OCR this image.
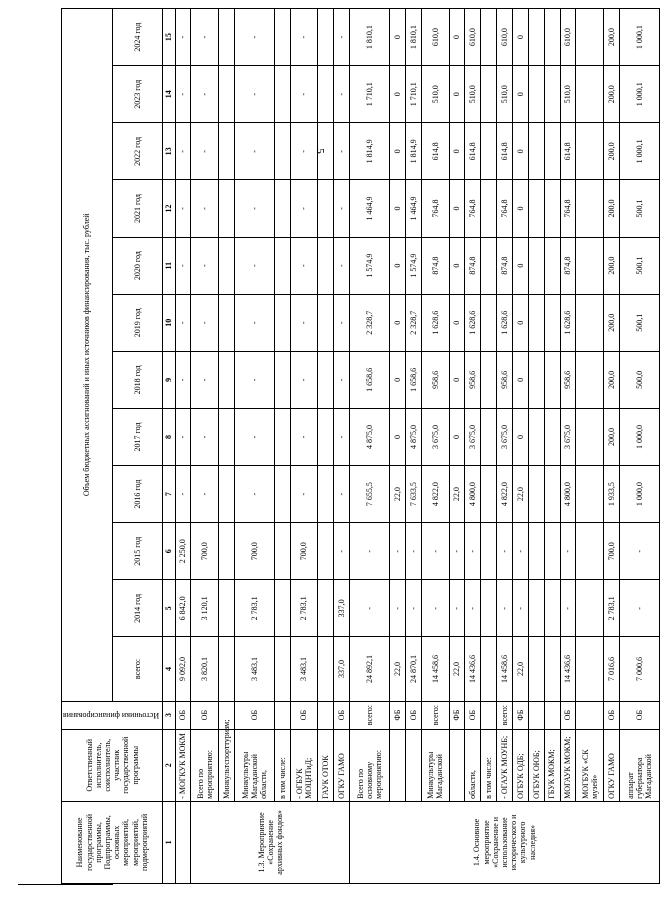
5
Наименование государственной программы, Подпрограммы, основных мероприятий, мероприятий, подмероприятий	Ответственный исполнитель, соисполнитель, участник государственной программы	Источники финансирования	Объем бюджетных ассигнований и иных источников финансирования, тыс. рублей											
			всего:	2014 год	2015 год	2016 год	2017 год	2018 год	2019 год	2020 год	2021 год	2022 год	2023 год	2024 год
1	2	3	4	5	6	7	8	9	10	11	12	13	14	15
	- МОГКУК МОКМ	ОБ	9 092,0	6 842,0	2 250,0	-	-	-	-	-	-	-	-	-
1.3. Мероприятие «Сохранение архивных фондов»	Всего по мероприятию:	ОБ	3 820,1	3 120,1	700,0	-	-	-	-	-	-	-	-	-
	Минкультспорттуризм;													
	Минкультуры Магаданской области,	ОБ	3 483,1	2 783,1	700,0	-	-	-	-	-	-	-	-	-
	в том числе:													
	- ОГБУК МОЦНТиД;	ОБ	3 483,1	2 783,1	700,0	-	-	-	-	-	-	-	-	-
	ГАУК ОТОК													
	ОГКУ ГАМО	ОБ	337,0	337,0	-	-	-	-	-	-	-	-	-	-
1.4. Основное мероприятие «Сохранение и использование исторического и культурного наследия»	Всего по основному мероприятию:	всего:	24 892,1	-	-	7 655,5	4 875,0	1 658,6	2 328,7	1 574,9	1 464,9	1 814,9	1 710,1	1 810,1
		ФБ	22,0	-	-	22,0	0	0	0	0	0	0	0	0
		ОБ	24 870,1	-	-	7 633,5	4 875,0	1 658,6	2 328,7	1 574,9	1 464,9	1 814,9	1 710,1	1 810,1
	Минкультуры Магаданской	всего:	14 458,6	-	-	4 822,0	3 675,0	958,6	1 628,6	874,8	764,8	614,8	510,0	610,0
		ФБ	22,0	-	-	22,0	0	0	0	0	0	0	0	0
	области,	ОБ	14 436,6	-	-	4 800,0	3 675,0	958,6	1 628,6	874,8	764,8	614,8	510,0	610,0
	в том числе:													
	- ОГАУК МОУНБ;	всего:	14 458,6	-	-	4 822,0	3 675,0	958,6	1 628,6	874,8	764,8	614,8	510,0	610,0
	ОГБУК ОДБ;	ФБ	22,0	-	-	22,0	0	0	0	0	0	0	0	0
	ОГБУК ОЮБ;													
	ГБУК МОКМ;													
	МОГАУК МОКМ;	ОБ	14 436,6	-	-	4 800,0	3 675,0	958,6	1 628,6	874,8	764,8	614,8	510,0	610,0
	МОГБУК «СК музей»													
	ОГКУ ГАМО	ОБ	7 016,6	2 783,1	700,0	1 933,5	200,0	200,0	200,0	200,0	200,0	200,0	200,0	200,0
	аппарат губернатора Магаданской	ОБ	7 000,6	-	-	1 000,0	1 000,0	500,0	500,1	500,1	500,1	1 000,1	1 000,1	1 000,1
